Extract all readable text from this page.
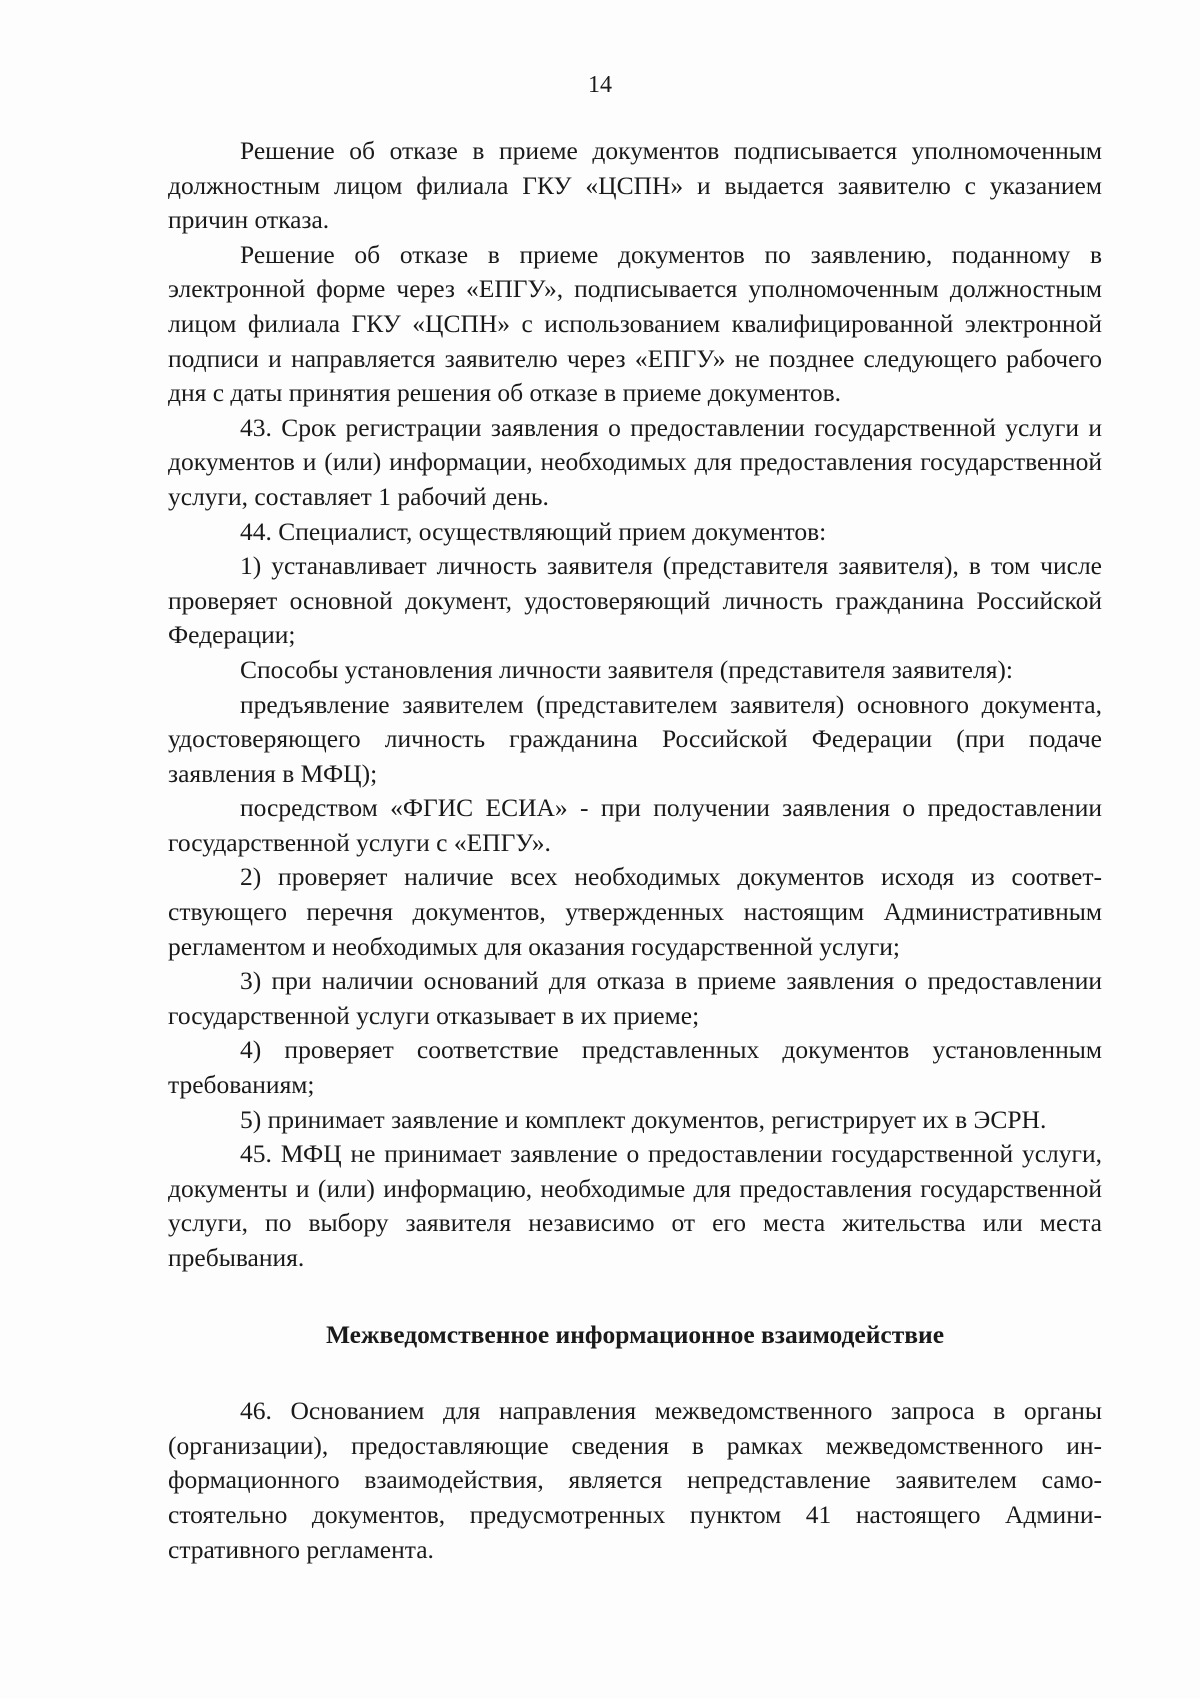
14

Решение об отказе в приеме документов подписывается уполномоченным должностным лицом филиала ГКУ «ЦСПН» и выдается заявителю с указанием причин отказа.

Решение об отказе в приеме документов по заявлению, поданному в электронной форме через «ЕПГУ», подписывается уполномоченным должностным лицом филиала ГКУ «ЦСПН» с использованием квалифицированной электронной подписи и направляется заявителю через «ЕПГУ» не позднее следующего рабочего дня с даты принятия решения об отказе в приеме документов.

43. Срок регистрации заявления о предоставлении государственной услуги и документов и (или) информации, необходимых для предоставления государственной услуги, составляет 1 рабочий день.

44. Специалист, осуществляющий прием документов:

1) устанавливает личность заявителя (представителя заявителя), в том числе проверяет основной документ, удостоверяющий личность гражданина Российской Федерации;

Способы установления личности заявителя (представителя заявителя):

предъявление заявителем (представителем заявителя) основного документа, удостоверяющего личность гражданина Российской Федерации (при подаче заявления в МФЦ);

посредством «ФГИС ЕСИА» - при получении заявления о предоставлении государственной услуги с «ЕПГУ».

2) проверяет наличие всех необходимых документов исходя из соответствующего перечня документов, утвержденных настоящим Административным регламентом и необходимых для оказания государственной услуги;

3) при наличии оснований для отказа в приеме заявления о предоставлении государственной услуги отказывает в их приеме;

4) проверяет соответствие представленных документов установленным требованиям;

5) принимает заявление и комплект документов, регистрирует их в ЭСРН.

45. МФЦ не принимает заявление о предоставлении государственной услуги, документы и (или) информацию, необходимые для предоставления государственной услуги, по выбору заявителя независимо от его места жительства или места пребывания.

Межведомственное информационное взаимодействие

46. Основанием для направления межведомственного запроса в органы (организации), предоставляющие сведения в рамках межведомственного информационного взаимодействия, является непредставление заявителем самостоятельно документов, предусмотренных пунктом 41 настоящего Административного регламента.
